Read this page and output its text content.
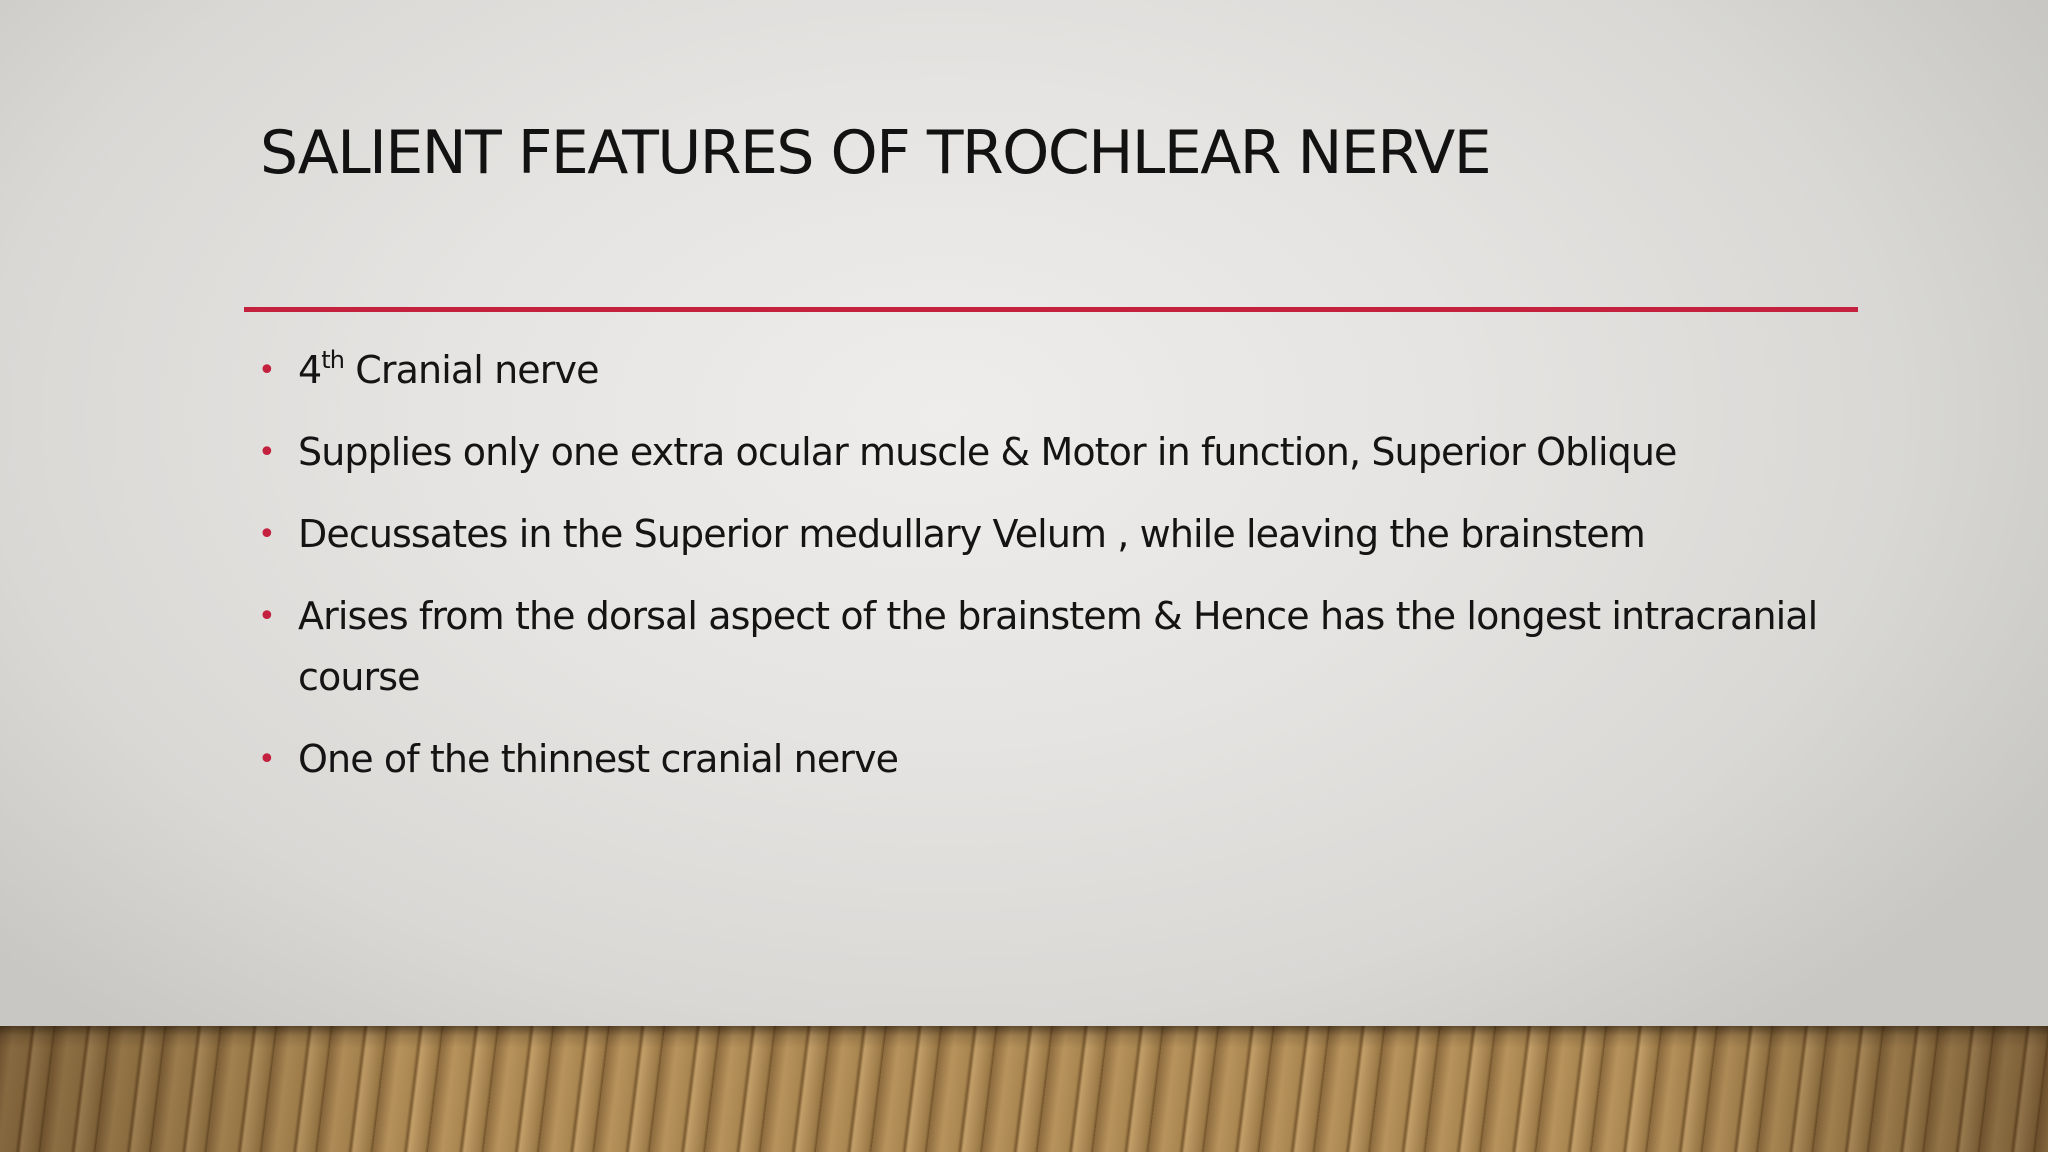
SALIENT FEATURES OF TROCHLEAR NERVE
• 4th Cranial nerve
• Supplies only one extra ocular muscle & Motor in function, Superior Oblique
• Decussates in the Superior medullary Velum , while leaving the brainstem
• Arises from the dorsal aspect of the brainstem & Hence has the longest intracranial course
• One of the thinnest cranial nerve
